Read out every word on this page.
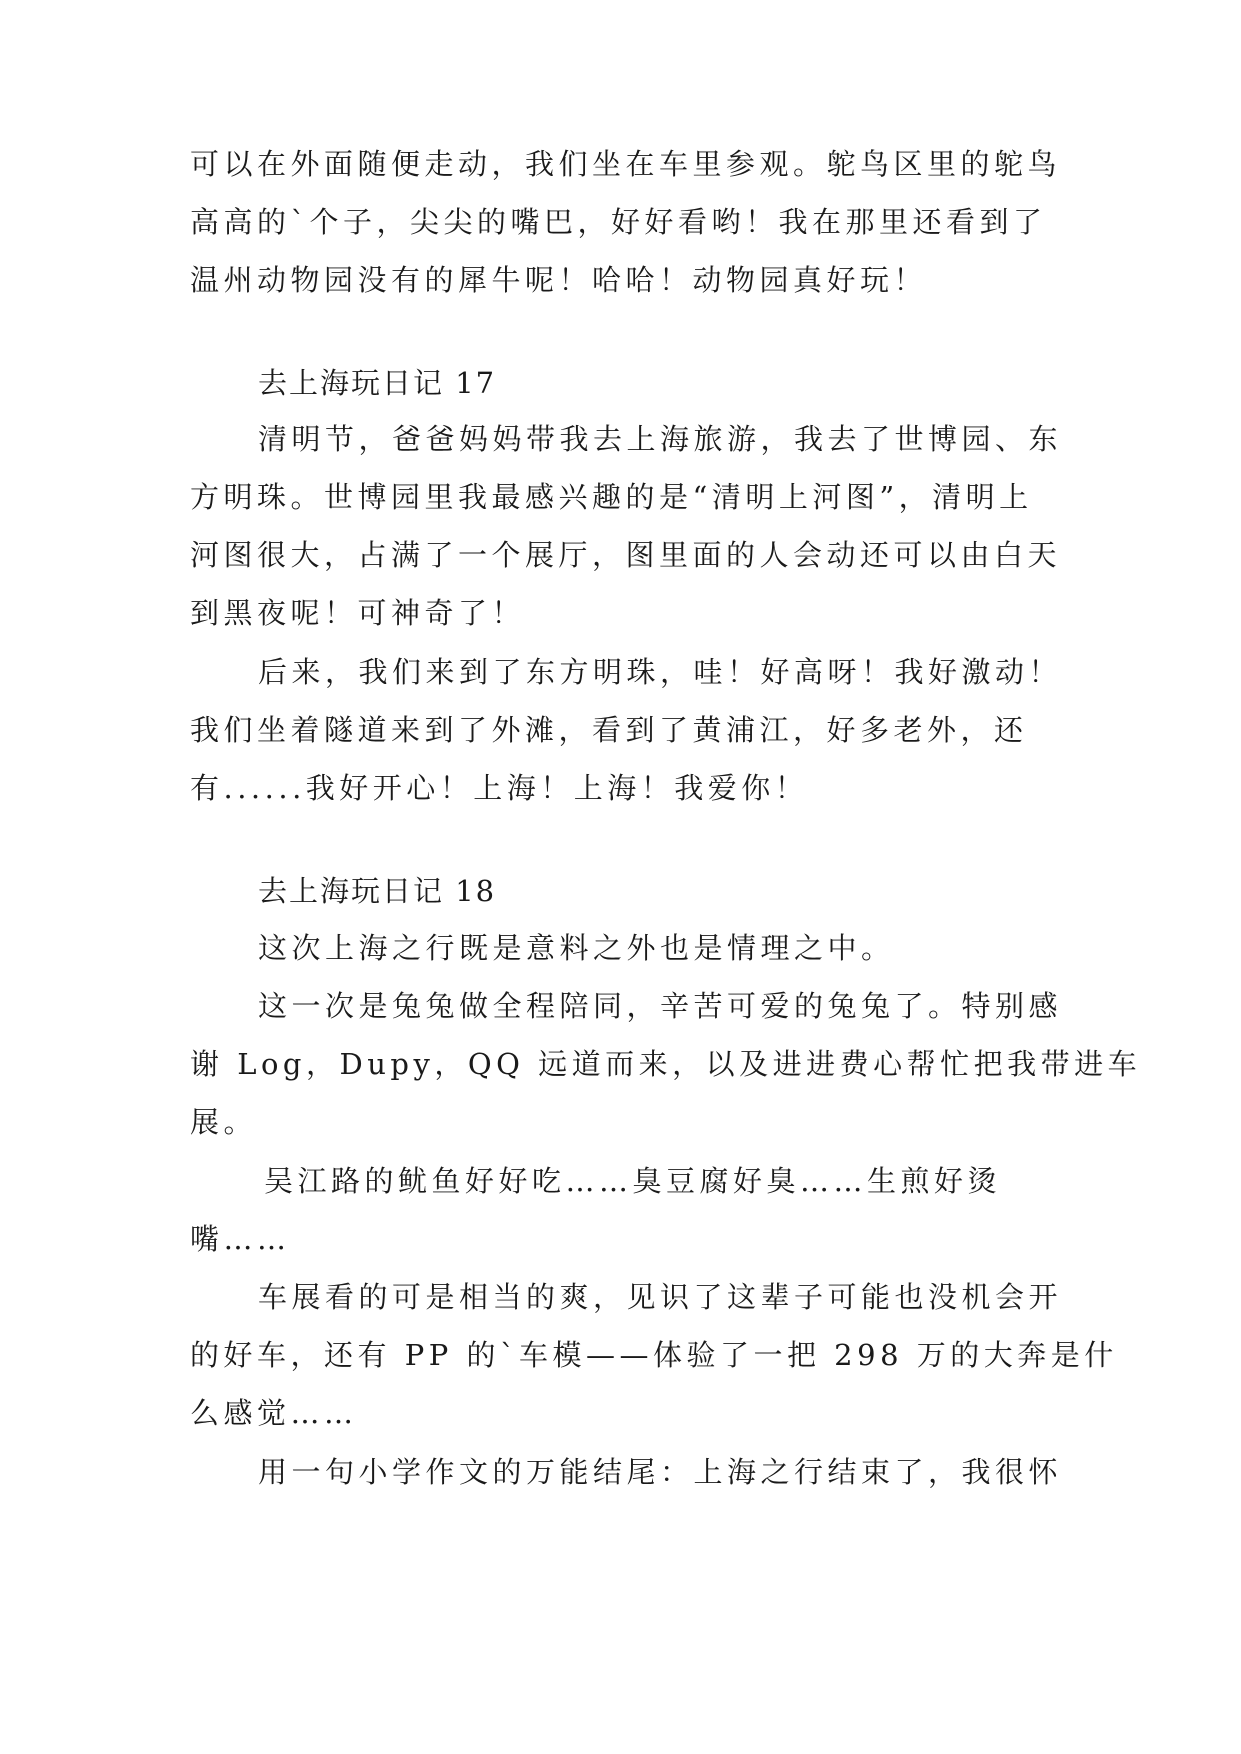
可以在外面随便走动，我们坐在车里参观。鸵鸟区里的鸵鸟
高高的`个子，尖尖的嘴巴，好好看哟！我在那里还看到了
温州动物园没有的犀牛呢！哈哈！动物园真好玩！
去上海玩日记 17
清明节，爸爸妈妈带我去上海旅游，我去了世博园、东
方明珠。世博园里我最感兴趣的是“清明上河图”，清明上
河图很大，占满了一个展厅，图里面的人会动还可以由白天
到黑夜呢！可神奇了！
后来，我们来到了东方明珠，哇！好高呀！我好激动！
我们坐着隧道来到了外滩，看到了黄浦江，好多老外，还
有......我好开心！上海！上海！我爱你！
去上海玩日记 18
这次上海之行既是意料之外也是情理之中。
这一次是兔兔做全程陪同，辛苦可爱的兔兔了。特别感
谢 Log，Dupy，QQ 远道而来，以及进进费心帮忙把我带进车
展。
吴江路的鱿鱼好好吃……臭豆腐好臭……生煎好烫
嘴……
车展看的可是相当的爽，见识了这辈子可能也没机会开
的好车，还有 PP 的`车模——体验了一把 298 万的大奔是什
么感觉……
用一句小学作文的万能结尾：上海之行结束了，我很怀
